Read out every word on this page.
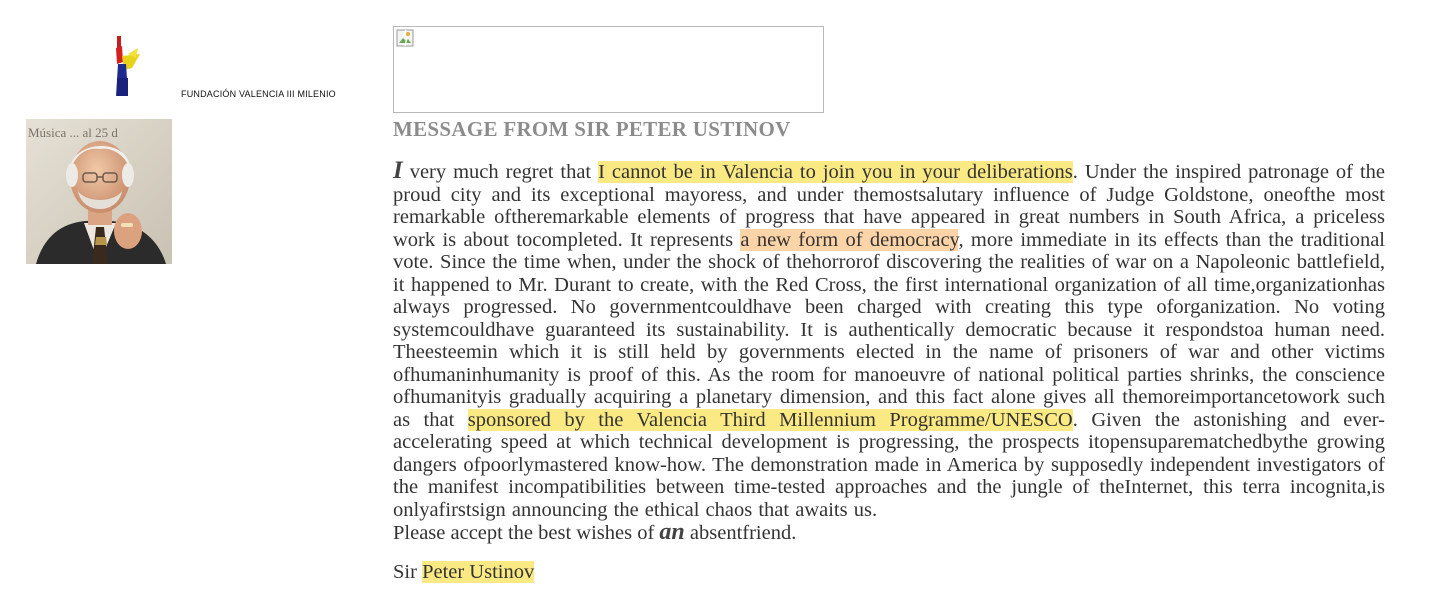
FUNDACIÓN VALENCIA III MILENIO
Música ... al 25 d	MESSAGE FROM SIR PETER USTINOV
I very much regret that I cannot be in Valencia to join you in your deliberations. Under the inspired patronage of the proud city and its exceptional mayoress, and under themostsalutary influence of Judge Goldstone, oneofthe most remarkable oftheremarkable elements of progress that have appeared in great numbers in South Africa, a priceless work is about tocompleted. It represents a new form of democracy, more immediate in its effects than the traditional vote. Since the time when, under the shock of thehorrorof discovering the realities of war on a Napoleonic battlefield, it happened to Mr. Durant to create, with the Red Cross, the first international organization of all time,organizationhas always progressed. No governmentcouldhave been charged with creating this type oforganization. No voting systemcouldhave guaranteed its sustainability. It is authentically democratic because it respondstoa human need. Theesteemin which it is still held by governments elected in the name of prisoners of war and other victims ofhumaninhumanity is proof of this. As the room for manoeuvre of national political parties shrinks, the conscience ofhumanityis gradually acquiring a planetary dimension, and this fact alone gives all themoreimportancetowork such as that sponsored by the Valencia Third Millennium Programme/UNESCO. Given the astonishing and ever-accelerating speed at which technical development is progressing, the prospects itopensuparematchedbythe growing dangers ofpoorlymastered know-how. The demonstration made in America by supposedly independent investigators of the manifest incompatibilities between time-tested approaches and the jungle of theInternet, this terra incognita,is onlyafirstsign announcing the ethical chaos that awaits us.
Please accept the best wishes of an absentfriend.
Sir Peter Ustinov
